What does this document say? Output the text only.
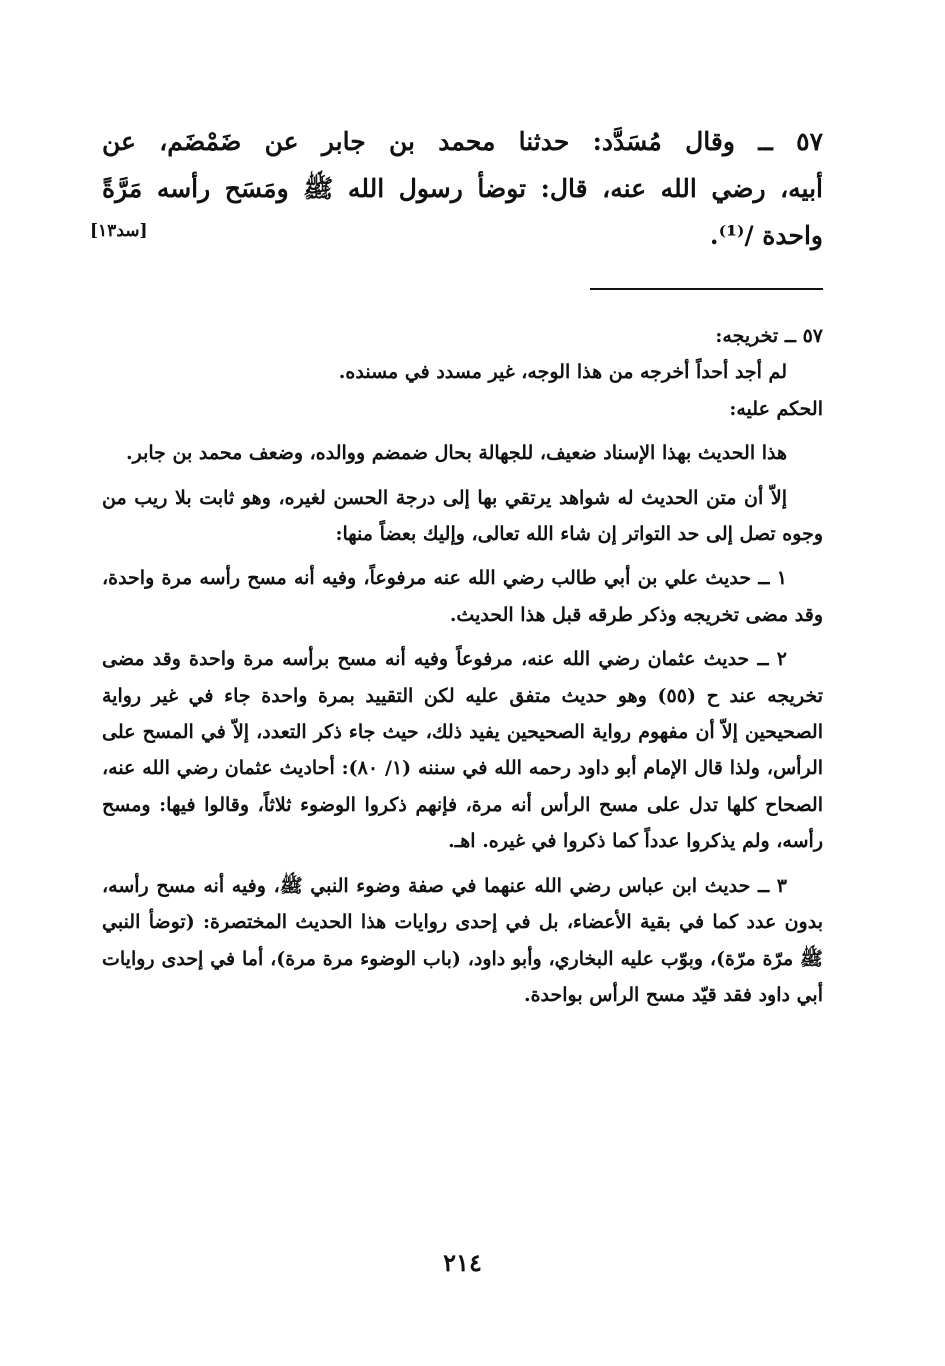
٥٧ ــ وقال مُسَدَّد: حدثنا محمد بن جابر عن ضَمْضَم، عن
أبيه، رضي الله عنه، قال: توضأ رسول الله ﷺ ومَسَح رأسه مَرَّةً
واحدة /⁽¹⁾.
[سد١٣]

٥٧ ــ تخريجه:

لم أجد أحداً أخرجه من هذا الوجه، غير مسدد في مسنده.

الحكم عليه:

هذا الحديث بهذا الإسناد ضعيف، للجهالة بحال ضمضم ووالده، وضعف محمد بن جابر.

إلاّ أن متن الحديث له شواهد يرتقي بها إلى درجة الحسن لغيره، وهو ثابت بلا ريب من وجوه تصل إلى حد التواتر إن شاء الله تعالى، وإليك بعضاً منها:

١ ــ حديث علي بن أبي طالب رضي الله عنه مرفوعاً، وفيه أنه مسح رأسه مرة واحدة، وقد مضى تخريجه وذكر طرقه قبل هذا الحديث.

٢ ــ حديث عثمان رضي الله عنه، مرفوعاً وفيه أنه مسح برأسه مرة واحدة وقد مضى تخريجه عند ح (٥٥) وهو حديث متفق عليه لكن التقييد بمرة واحدة جاء في غير رواية الصحيحين إلاّ أن مفهوم رواية الصحيحين يفيد ذلك، حيث جاء ذكر التعدد، إلاّ في المسح على الرأس، ولذا قال الإمام أبو داود رحمه الله في سننه (١/ ٨٠): أحاديث عثمان رضي الله عنه، الصحاح كلها تدل على مسح الرأس أنه مرة، فإنهم ذكروا الوضوء ثلاثاً، وقالوا فيها: ومسح رأسه، ولم يذكروا عدداً كما ذكروا في غيره. اهـ.

٣ ــ حديث ابن عباس رضي الله عنهما في صفة وضوء النبي ﷺ، وفيه أنه مسح رأسه، بدون عدد كما في بقية الأعضاء، بل في إحدى روايات هذا الحديث المختصرة: (توضأ النبي ﷺ مرّة مرّة)، وبوّب عليه البخاري، وأبو داود، (باب الوضوء مرة مرة)، أما في إحدى روايات أبي داود فقد قيّد مسح الرأس بواحدة.

٢١٤
